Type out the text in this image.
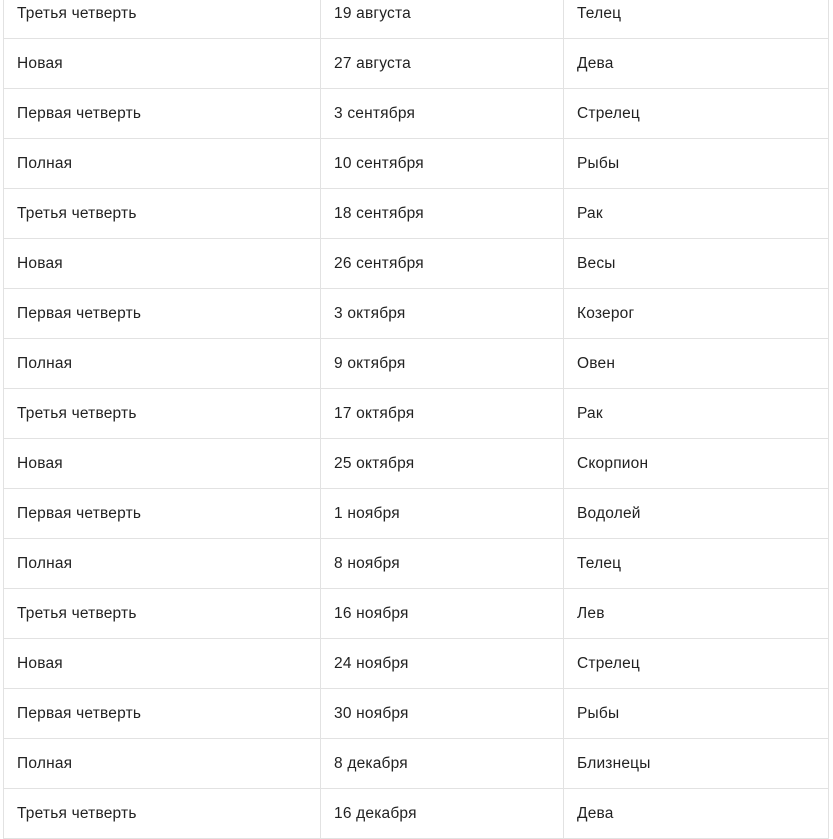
Третья четверть	19 августа	Телец
Новая	27 августа	Дева
Первая четверть	3 сентября	Стрелец
Полная	10 сентября	Рыбы
Третья четверть	18 сентября	Рак
Новая	26 сентября	Весы
Первая четверть	3 октября	Козерог
Полная	9 октября	Овен
Третья четверть	17 октября	Рак
Новая	25 октября	Скорпион
Первая четверть	1 ноября	Водолей
Полная	8 ноября	Телец
Третья четверть	16 ноября	Лев
Новая	24 ноября	Стрелец
Первая четверть	30 ноября	Рыбы
Полная	8 декабря	Близнецы
Третья четверть	16 декабря	Дева
